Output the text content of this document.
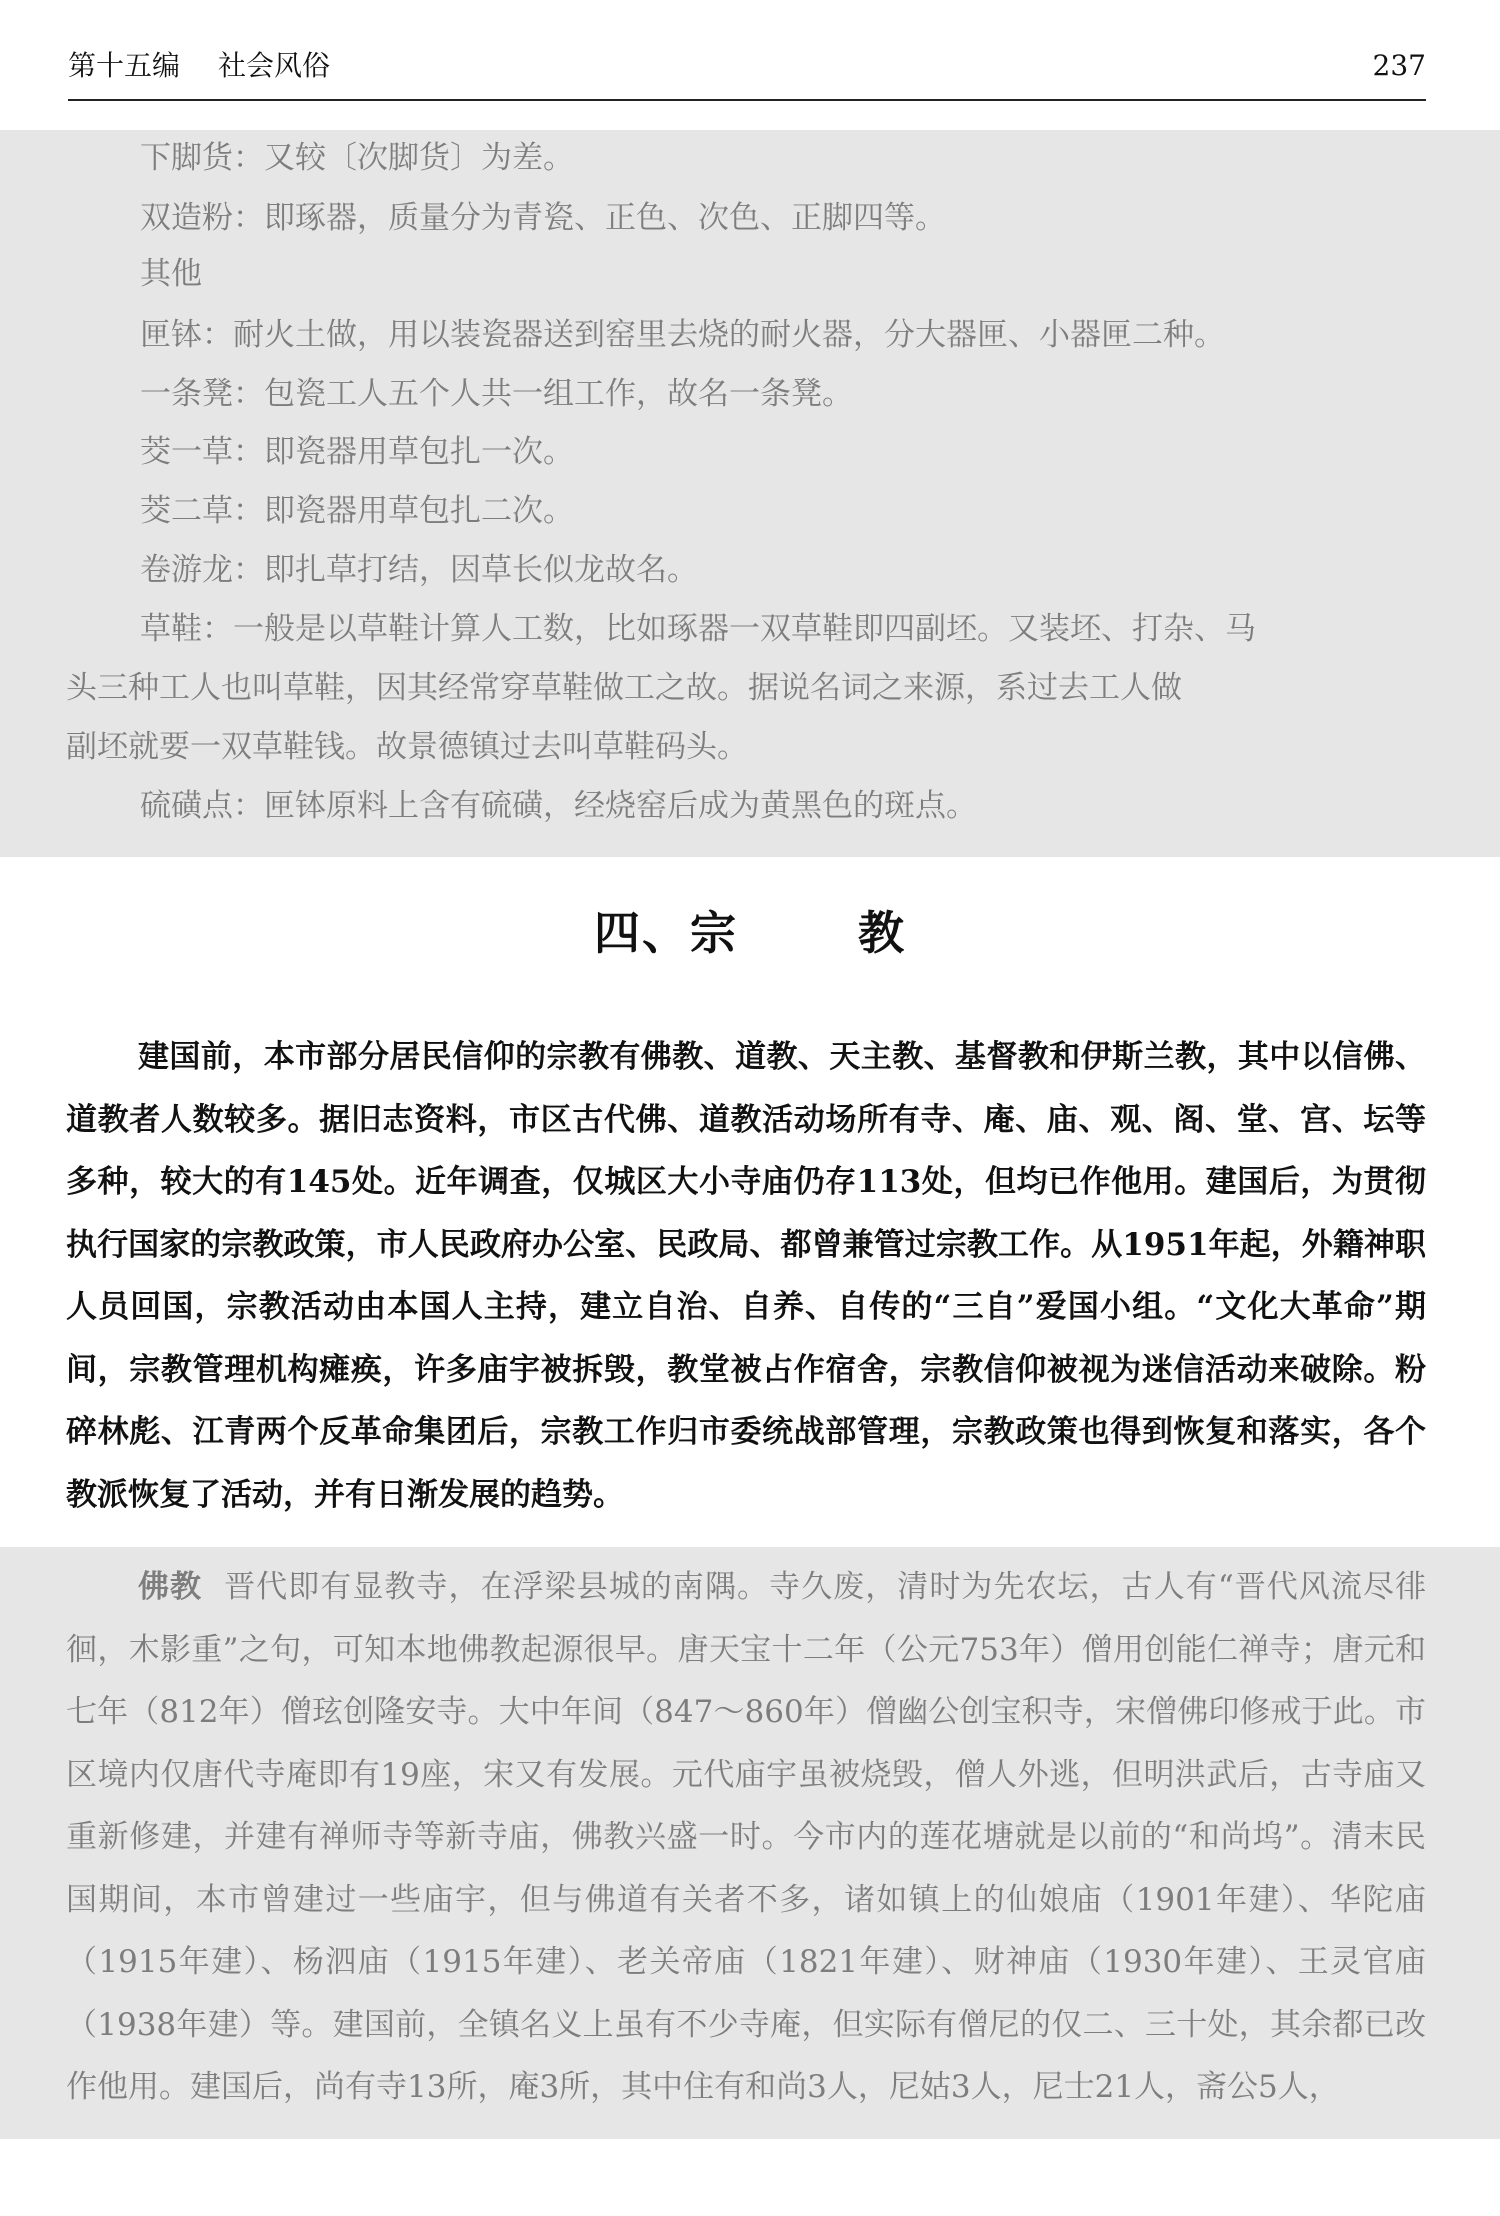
第十五编 社会风俗	237

下脚货：又较〔次脚货〕为差。

双造粉：即琢器，质量分为青瓷、正色、次色、正脚四等。

其他

匣钵：耐火土做，用以装瓷器送到窑里去烧的耐火器，分大器匣、小器匣二种。

一条凳：包瓷工人五个人共一组工作，故名一条凳。

茭一草：即瓷器用草包扎一次。

茭二草：即瓷器用草包扎二次。

卷游龙：即扎草打结，因草长似龙故名。

草鞋：一般是以草鞋计算人工数，比如琢器一双草鞋即四副坯。又装坯、打杂、马

头三种工人也叫草鞋，因其经常穿草鞋做工之故。据说名词之来源，系过去工人做

副坯就要一双草鞋钱。故景德镇过去叫草鞋码头。

硫磺点：匣钵原料上含有硫磺，经烧窑后成为黄黑色的斑点。

四、宗	教

建国前，本市部分居民信仰的宗教有佛教、道教、天主教、基督教和伊斯兰教，其中以信佛、道教者人数较多。据旧志资料，市区古代佛、道教活动场所有寺、庵、庙、观、阁、堂、宫、坛等多种，较大的有145处。近年调查，仅城区大小寺庙仍存113处，但均已作他用。建国后，为贯彻执行国家的宗教政策，市人民政府办公室、民政局、都曾兼管过宗教工作。从1951年起，外籍神职人员回国，宗教活动由本国人主持，建立自治、自养、自传的“三自”爱国小组。“文化大革命”期间，宗教管理机构瘫痪，许多庙宇被拆毁，教堂被占作宿舍，宗教信仰被视为迷信活动来破除。粉碎林彪、江青两个反革命集团后，宗教工作归市委统战部管理，宗教政策也得到恢复和落实，各个教派恢复了活动，并有日渐发展的趋势。

佛教 晋代即有显教寺，在浮梁县城的南隅。寺久废，清时为先农坛，古人有“晋代风流尽徘徊，木影重”之句，可知本地佛教起源很早。唐天宝十二年（公元753年）僧用创能仁禅寺；唐元和七年（812年）僧玹创隆安寺。大中年间（847～860年）僧幽公创宝积寺，宋僧佛印修戒于此。市区境内仅唐代寺庵即有19座，宋又有发展。元代庙宇虽被烧毁，僧人外逃，但明洪武后，古寺庙又重新修建，并建有禅师寺等新寺庙，佛教兴盛一时。今市内的莲花塘就是以前的“和尚坞”。清末民国期间，本市曾建过一些庙宇，但与佛道有关者不多，诸如镇上的仙娘庙（1901年建）、华陀庙（1915年建）、杨泗庙（1915年建）、老关帝庙（1821年建）、财神庙（1930年建）、王灵官庙（1938年建）等。建国前，全镇名义上虽有不少寺庵，但实际有僧尼的仅二、三十处，其余都已改作他用。建国后，尚有寺13所，庵3所，其中住有和尚3人，尼姑3人，尼士21人，斋公5人，
